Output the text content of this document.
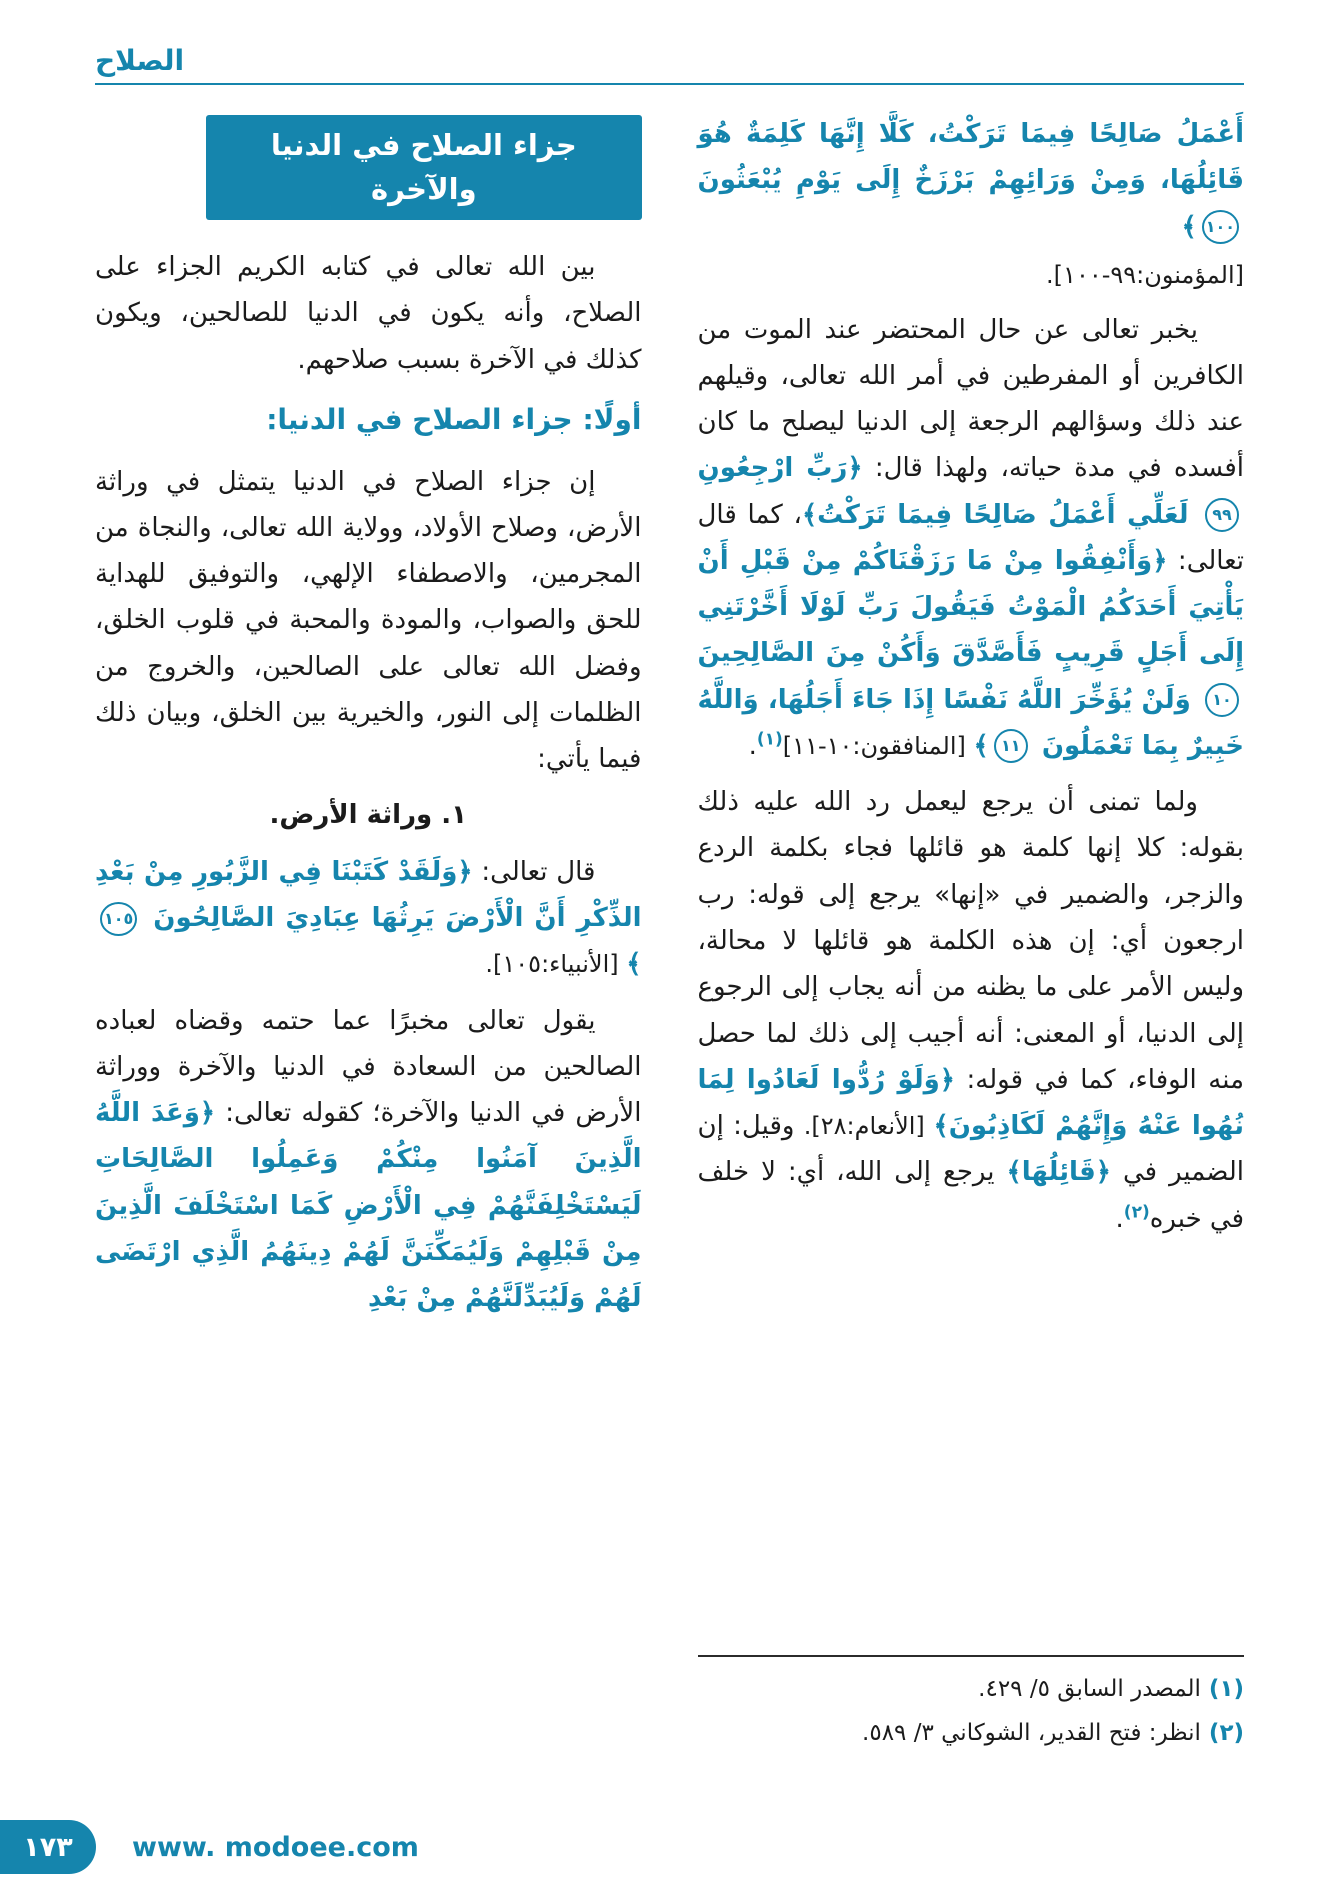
الصلاح
أَعْمَلُ صَالِحًا فِيمَا تَرَكْتُ، كَلَّا إِنَّهَا كَلِمَةٌ هُوَ قَائِلُهَا، وَمِنْ وَرَائِهِمْ بَرْزَخٌ إِلَى يَوْمِ يُبْعَثُونَ ١٠٠﴾
[المؤمنون:٩٩-١٠٠].
يخبر تعالى عن حال المحتضر عند الموت من الكافرين أو المفرطين في أمر الله تعالى، وقيلهم عند ذلك وسؤالهم الرجعة إلى الدنيا ليصلح ما كان أفسده في مدة حياته، ولهذا قال: ﴿رَبِّ ارْجِعُونِ ٩٩ لَعَلِّي أَعْمَلُ صَالِحًا فِيمَا تَرَكْتُ﴾، كما قال تعالى: ﴿وَأَنْفِقُوا مِنْ مَا رَزَقْنَاكُمْ مِنْ قَبْلِ أَنْ يَأْتِيَ أَحَدَكُمُ الْمَوْتُ فَيَقُولَ رَبِّ لَوْلَا أَخَّرْتَنِي إِلَى أَجَلٍ قَرِيبٍ فَأَصَّدَّقَ وَأَكُنْ مِنَ الصَّالِحِينَ ١٠ وَلَنْ يُؤَخِّرَ اللَّهُ نَفْسًا إِذَا جَاءَ أَجَلُهَا، وَاللَّهُ خَبِيرٌ بِمَا تَعْمَلُونَ ١١﴾ [المنافقون:١٠-١١]$^{(١)}$.
ولما تمنى أن يرجع ليعمل رد الله عليه ذلك بقوله: كلا إنها كلمة هو قائلها فجاء بكلمة الردع والزجر، والضمير في «إنها» يرجع إلى قوله: رب ارجعون أي: إن هذه الكلمة هو قائلها لا محالة، وليس الأمر على ما يظنه من أنه يجاب إلى الرجوع إلى الدنيا، أو المعنى: أنه أجيب إلى ذلك لما حصل منه الوفاء، كما في قوله: ﴿وَلَوْ رُدُّوا لَعَادُوا لِمَا نُهُوا عَنْهُ وَإِنَّهُمْ لَكَاذِبُونَ﴾ [الأنعام:٢٨]. وقيل: إن الضمير في ﴿قَائِلُهَا﴾ يرجع إلى الله، أي: لا خلف في خبره$^{(٢)}$.
(١) المصدر السابق ٥/ ٤٢٩.
(٢) انظر: فتح القدير، الشوكاني ٣/ ٥٨٩.
جزاء الصلاح في الدنيا والآخرة
بين الله تعالى في كتابه الكريم الجزاء على الصلاح، وأنه يكون في الدنيا للصالحين، ويكون كذلك في الآخرة بسبب صلاحهم.
أولًا: جزاء الصلاح في الدنيا:
إن جزاء الصلاح في الدنيا يتمثل في وراثة الأرض، وصلاح الأولاد، وولاية الله تعالى، والنجاة من المجرمين، والاصطفاء الإلهي، والتوفيق للهداية للحق والصواب، والمودة والمحبة في قلوب الخلق، وفضل الله تعالى على الصالحين، والخروج من الظلمات إلى النور، والخيرية بين الخلق، وبيان ذلك فيما يأتي:
١. وراثة الأرض.
قال تعالى: ﴿وَلَقَدْ كَتَبْنَا فِي الزَّبُورِ مِنْ بَعْدِ الذِّكْرِ أَنَّ الْأَرْضَ يَرِثُهَا عِبَادِيَ الصَّالِحُونَ ١٠٥﴾ [الأنبياء:١٠٥].
يقول تعالى مخبرًا عما حتمه وقضاه لعباده الصالحين من السعادة في الدنيا والآخرة ووراثة الأرض في الدنيا والآخرة؛ كقوله تعالى: ﴿وَعَدَ اللَّهُ الَّذِينَ آمَنُوا مِنْكُمْ وَعَمِلُوا الصَّالِحَاتِ لَيَسْتَخْلِفَنَّهُمْ فِي الْأَرْضِ كَمَا اسْتَخْلَفَ الَّذِينَ مِنْ قَبْلِهِمْ وَلَيُمَكِّنَنَّ لَهُمْ دِينَهُمُ الَّذِي ارْتَضَى لَهُمْ وَلَيُبَدِّلَنَّهُمْ مِنْ بَعْدِ
١٧٣ www. modoee.com
